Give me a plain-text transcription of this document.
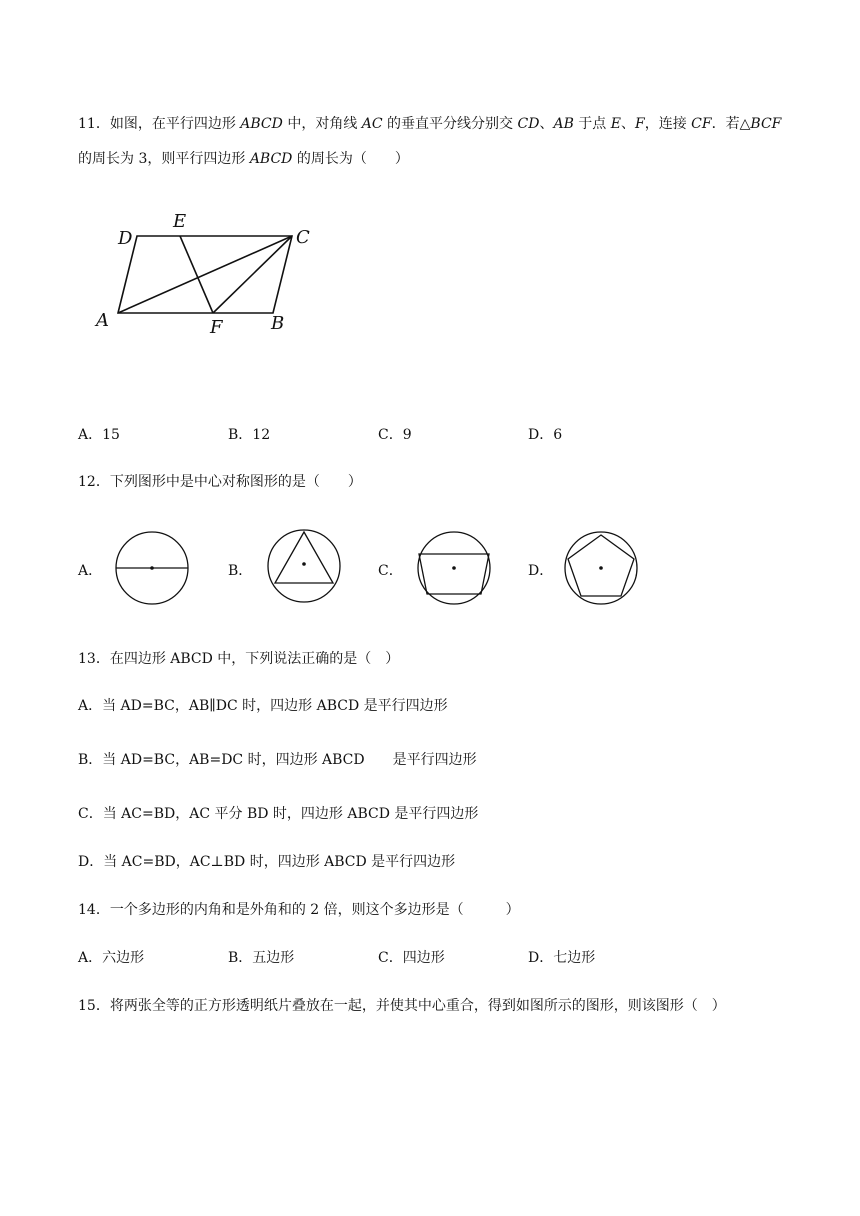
11．如图，在平行四边形 ABCD 中，对角线 AC 的垂直平分线分别交 CD、AB 于点 E、F，连接 CF．若△BCF
的周长为 3，则平行四边形 ABCD 的周长为（　　）
D
E
C
A	F	B
A．15	B．12	C．9	D．6
12．下列图形中是中心对称图形的是（　　）
A．	B．	C．	D．
13．在四边形 ABCD 中，下列说法正确的是（　）
A．当 AD=BC，AB∥DC 时，四边形 ABCD 是平行四边形
B．当 AD=BC，AB=DC 时，四边形 ABCD　　是平行四边形
C．当 AC=BD，AC 平分 BD 时，四边形 ABCD 是平行四边形
D．当 AC=BD，AC⊥BD 时，四边形 ABCD 是平行四边形
14．一个多边形的内角和是外角和的 2 倍，则这个多边形是（　　　）
A．六边形	B．五边形	C．四边形	D．七边形
15．将两张全等的正方形透明纸片叠放在一起，并使其中心重合，得到如图所示的图形，则该图形（　）
